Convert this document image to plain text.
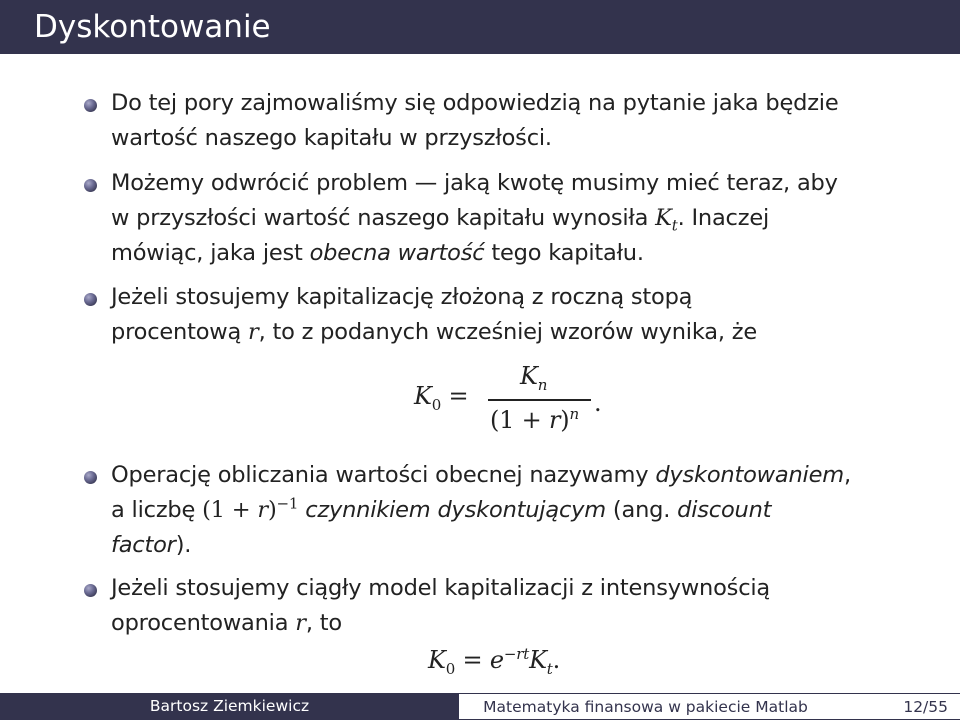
Dyskontowanie
Do tej pory zajmowaliśmy się odpowiedzią na pytanie jaka będzie
wartość naszego kapitału w przyszłości.
Możemy odwrócić problem — jaką kwotę musimy mieć teraz, aby
w przyszłości wartość naszego kapitału wynosiła $K_t$. Inaczej
mówiąc, jaka jest obecna wartość tego kapitału.
Jeżeli stosujemy kapitalizację złożoną z roczną stopą
procentową r, to z podanych wcześniej wzorów wynika, że
$K_0$ =
$K_n$
$(1 + r)^n$ .
Operację obliczania wartości obecnej nazywamy dyskontowaniem,
a liczbę $(1 + r)^{-1}$ czynnikiem dyskontującym (ang. discount
factor).
Jeżeli stosujemy ciągły model kapitalizacji z intensywnością
oprocentowania r, to
$K_0 = e^{-rt}K_t$.
Bartosz Ziemkiewicz	Matematyka finansowa w pakiecie Matlab	12/55
